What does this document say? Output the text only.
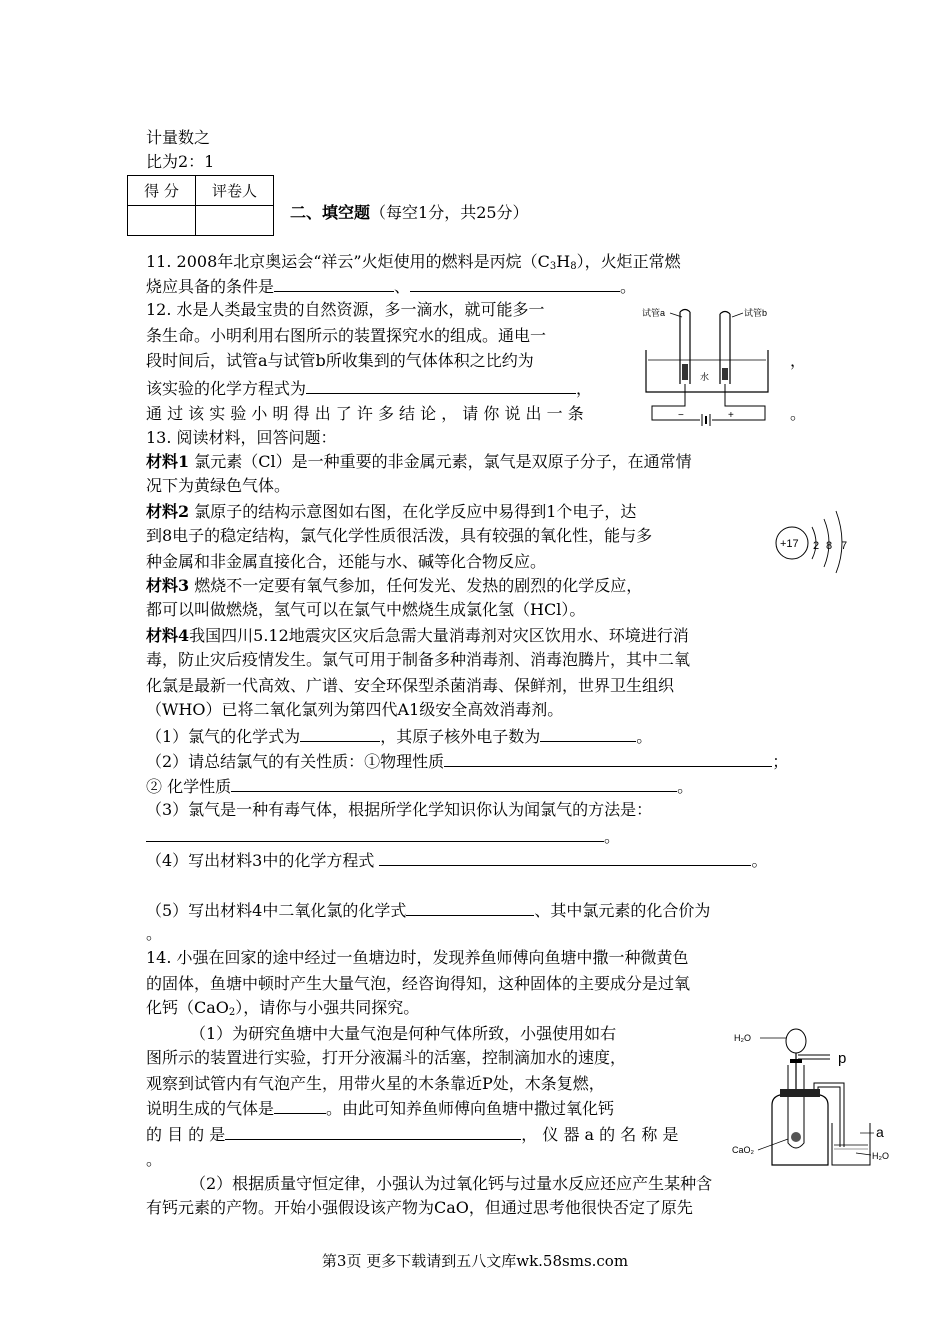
计量数之
比为2：1
得 分	评卷人

二、填空题（每空1分，共25分）
11. 2008年北京奥运会“祥云”火炬使用的燃料是丙烷$(C_3H_8)$，火炬正常燃
烧应具备的条件是	、	。
12. 水是人类最宝贵的自然资源，多一滴水，就可能多一
条生命。小明利用右图所示的装置探究水的组成。通电一
段时间后，试管a与试管b所收集到的气体体积之比约为	，
该实验的化学方程式为	，
通 过 该 实 验 小 明 得 出 了 许 多 结 论 ， 请 你 说 出 一 条	。
试管a	试管b
水
−	+
13. 阅读材料，回答问题：
材料1 氯元素（Cl）是一种重要的非金属元素，氯气是双原子分子，在通常情
况下为黄绿色气体。
材料2 氯原子的结构示意图如右图，在化学反应中易得到1个电子，达
到8电子的稳定结构，氯气化学性质很活泼，具有较强的氧化性，能与多
种金属和非金属直接化合，还能与水、碱等化合物反应。
+17 2 8 7
材料3 燃烧不一定要有氧气参加，任何发光、发热的剧烈的化学反应，
都可以叫做燃烧，氢气可以在氯气中燃烧生成氯化氢（HCl）。
材料4我国四川5.12地震灾区灾后急需大量消毒剂对灾区饮用水、环境进行消
毒，防止灾后疫情发生。氯气可用于制备多种消毒剂、消毒泡腾片，其中二氧
化氯是最新一代高效、广谱、安全环保型杀菌消毒、保鲜剂，世界卫生组织
（WHO）已将二氧化氯列为第四代A1级安全高效消毒剂。
（1）氯气的化学式为	，其原子核外电子数为	。
（2）请总结氯气的有关性质：①物理性质	；
② 化学性质	。
（3）氯气是一种有毒气体，根据所学化学知识你认为闻氯气的方法是：
。
（4）写出材料3中的化学方程式	。
（5）写出材料4中二氧化氯的化学式	、其中氯元素的化合价为
。
14. 小强在回家的途中经过一鱼塘边时，发现养鱼师傅向鱼塘中撒一种微黄色
的固体，鱼塘中顿时产生大量气泡，经咨询得知，这种固体的主要成分是过氧
化钙（CaO$_2$），请你与小强共同探究。
（1）为研究鱼塘中大量气泡是何种气体所致，小强使用如右
图所示的装置进行实验，打开分液漏斗的活塞，控制滴加水的速度，
观察到试管内有气泡产生，用带火星的木条靠近P处，木条复燃，
说明生成的气体是	。由此可知养鱼师傅向鱼塘中撒过氧化钙
的 目 的 是	， 仪 器 a 的 名 称 是
。
H₂O
p
CaO₂
a
H₂O
（2）根据质量守恒定律，小强认为过氧化钙与过量水反应还应产生某种含
有钙元素的产物。开始小强假设该产物为CaO，但通过思考他很快否定了原先
第3页 更多下载请到五八文库wk.58sms.com
